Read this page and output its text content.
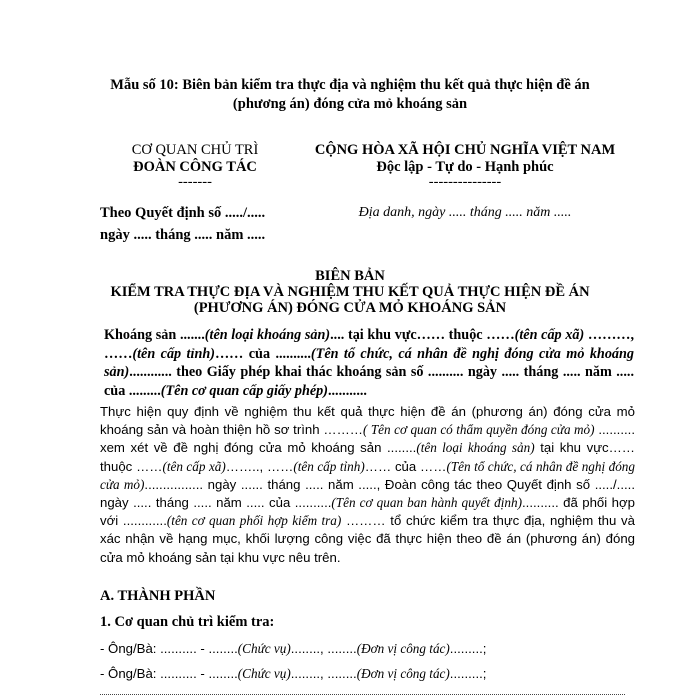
Mẫu số 10: Biên bản kiểm tra thực địa và nghiệm thu kết quả thực hiện đề án
(phương án) đóng cửa mỏ khoáng sản
CƠ QUAN CHỦ TRÌ
ĐOÀN CÔNG TÁC
-------
CỘNG HÒA XÃ HỘI CHỦ NGHĨA VIỆT NAM
Độc lập - Tự do - Hạnh phúc
---------------
Theo Quyết định số ...../.....
ngày ..... tháng ..... năm .....
Địa danh, ngày ..... tháng ..... năm .....
BIÊN BẢN
KIỂM TRA THỰC ĐỊA VÀ NGHIỆM THU KẾT QUẢ THỰC HIỆN ĐỀ ÁN
(PHƯƠNG ÁN) ĐÓNG CỬA MỎ KHOÁNG SẢN
Khoáng sản .......(tên loại khoáng sản).... tại khu vực…… thuộc ……(tên cấp xã) ………, ……(tên cấp tỉnh)…… của ..........(Tên tổ chức, cá nhân đề nghị đóng cửa mỏ khoáng sản)............ theo Giấy phép khai thác khoáng sản số .......... ngày ..... tháng ..... năm ..... của .........(Tên cơ quan cấp giấy phép)...........
Thực hiện quy định về nghiệm thu kết quả thực hiện đề án (phương án) đóng cửa mỏ khoáng sản và hoàn thiện hồ sơ trình ………( Tên cơ quan có thẩm quyền đóng cửa mỏ) .......... xem xét về đề nghị đóng cửa mỏ khoáng sản ........(tên loại khoáng sản) tại khu vực…… thuộc ……(tên cấp xã)…….., ……(tên cấp tỉnh)…… của ……(Tên tổ chức, cá nhân đề nghị đóng cửa mỏ)................ ngày ...... tháng ..... năm ....., Đoàn công tác theo Quyết định số ...../..... ngày ..... tháng ..... năm ..... của ..........(Tên cơ quan ban hành quyết định).......... đã phối hợp với ............(tên cơ quan phối hợp kiểm tra) ……… tổ chức kiểm tra thực địa, nghiệm thu và xác nhận về hạng mục, khối lượng công việc đã thực hiện theo đề án (phương án) đóng cửa mỏ khoáng sản tại khu vực nêu trên.
A. THÀNH PHẦN
1. Cơ quan chủ trì kiểm tra:
- Ông/Bà: .......... - ........(Chức vụ)........, ........(Đơn vị công tác).........;
- Ông/Bà: .......... - ........(Chức vụ)........, ........(Đơn vị công tác).........;
